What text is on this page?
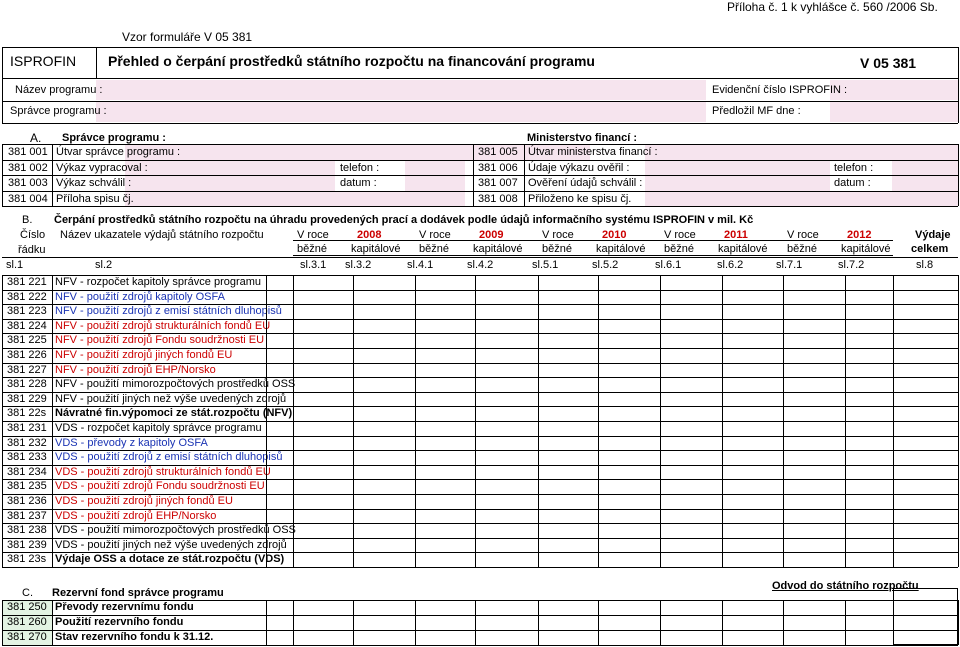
Příloha č. 1 k vyhlášce č. 560 /2006 Sb.
Vzor formuláře V 05 381
ISPROFIN Přehled o čerpání prostředků státního rozpočtu na financování programu	V 05 381
Název programu :	Evidenční číslo ISPROFIN :
Správce programu :	Předložil MF dne :
A. Správce programu :	Ministerstvo financí :
381 001 Útvar správce programu :
381 002 Výkaz vypracoval :	telefon :
381 003 Výkaz schválil :	datum :
381 004 Příloha spisu čj.
381 005 Útvar ministerstva financí :
381 006 Údaje výkazu ověřil :	telefon :
381 007 Ověření údajů schválil :	datum :
381 008 Přiloženo ke spisu čj.
B. Čerpání prostředků státního rozpočtu na úhradu provedených prací a dodávek podle údajů informačního systému ISPROFIN v mil. Kč
V roce	2008
běžné kapitálové
V roce	2009
běžné kapitálové
V roce	2010
běžné kapitálové
V roce	2011
běžné kapitálové
V roce	2012
běžné kapitálové
Výdaje
celkem
Číslo
řádku
Název ukazatele výdajů státního rozpočtu
sl.1	sl.2	sl.3.1 sl.3.2	sl.4.1	sl.4.2	sl.5.1	sl.5.2	sl.6.1	sl.6.2	sl.7.1	sl.7.2	sl.8
381 221 NFV - rozpočet kapitoly správce programu
381 222 NFV - použití zdrojů kapitoly OSFA
381 223 NFV - použití zdrojů z emisí státních dluhopisů
381 224 NFV - použití zdrojů strukturálních fondů EU
381 225 NFV - použití zdrojů Fondu soudržnosti EU
381 226 NFV - použití zdrojů jiných fondů EU
381 227 NFV - použití zdrojů EHP/Norsko
381 228 NFV - použití mimorozpočtových prostředků OSS
381 229 NFV - použití jiných než výše uvedených zdrojů
381 22s Návratné fin.výpomoci ze stát.rozpočtu (NFV)
381 231 VDS - rozpočet kapitoly správce programu
381 232 VDS - převody z kapitoly OSFA
381 233 VDS - použití zdrojů z emisí státních dluhopisů
381 234 VDS - použití zdrojů strukturálních fondů EU
381 235 VDS - použití zdrojů Fondu soudržnosti EU
381 236 VDS - použití zdrojů jiných fondů EU
381 237 VDS - použití zdrojů EHP/Norsko
381 238 VDS - použití mimorozpočtových prostředků OSS
381 239 VDS - použití jiných než výše uvedených zdrojů
381 23s Výdaje OSS a dotace ze stát.rozpočtu (VDS)
C. Rezervní fond správce programu
Odvod do státního rozpočtu
381 250 Převody rezervnímu fondu
381 260 Použití rezervního fondu
381 270 Stav rezervního fondu k 31.12.
